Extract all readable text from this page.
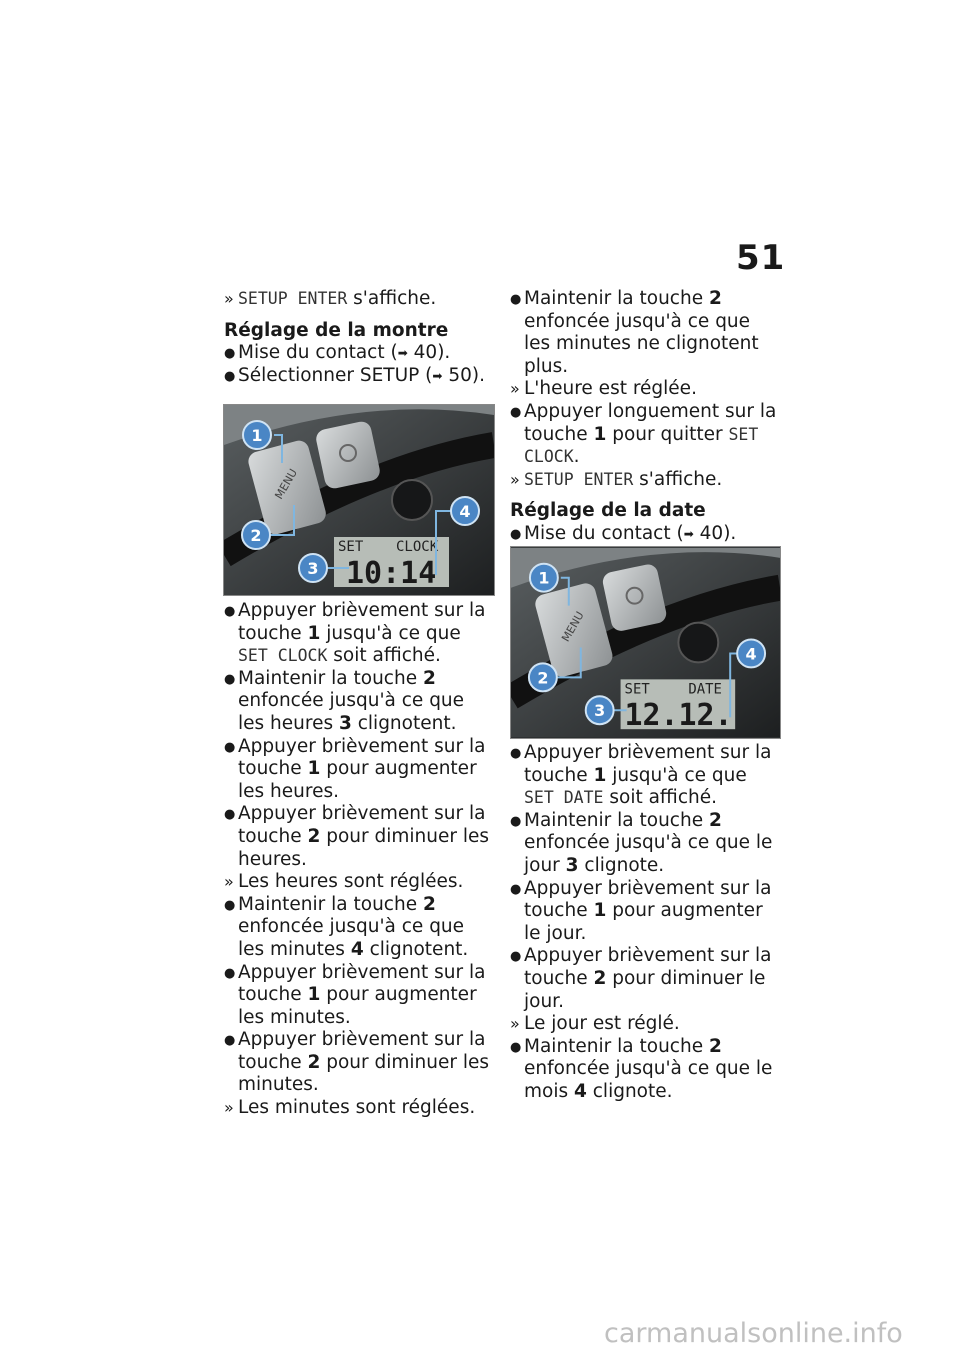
51
» SETUP ENTER s'affiche.
Réglage de la montre
● Mise du contact (➡ 40).
● Sélectionner SETUP (➡ 50).
MENU
SET CLOCK
10:14
1
2
3
4
● Appuyer brièvement sur la touche 1 jusqu'à ce que SET CLOCK soit affiché.
● Maintenir la touche 2 enfoncée jusqu'à ce que les heures 3 clignotent.
● Appuyer brièvement sur la touche 1 pour augmenter les heures.
● Appuyer brièvement sur la touche 2 pour diminuer les heures.
» Les heures sont réglées.
● Maintenir la touche 2 enfoncée jusqu'à ce que les minutes 4 clignotent.
● Appuyer brièvement sur la touche 1 pour augmenter les minutes.
● Appuyer brièvement sur la touche 2 pour diminuer les minutes.
» Les minutes sont réglées.
● Maintenir la touche 2 enfoncée jusqu'à ce que les minutes ne clignotent plus.
» L'heure est réglée.
● Appuyer longuement sur la touche 1 pour quitter SET CLOCK.
» SETUP ENTER s'affiche.
Réglage de la date
● Mise du contact (➡ 40).
MENU
SET	DATE
12.12.
1
2
3
4
● Appuyer brièvement sur la touche 1 jusqu'à ce que SET DATE soit affiché.
● Maintenir la touche 2 enfoncée jusqu'à ce que le jour 3 clignote.
● Appuyer brièvement sur la touche 1 pour augmenter le jour.
● Appuyer brièvement sur la touche 2 pour diminuer le jour.
» Le jour est réglé.
● Maintenir la touche 2 enfoncée jusqu'à ce que le mois 4 clignote.
carmanualsonline.info
